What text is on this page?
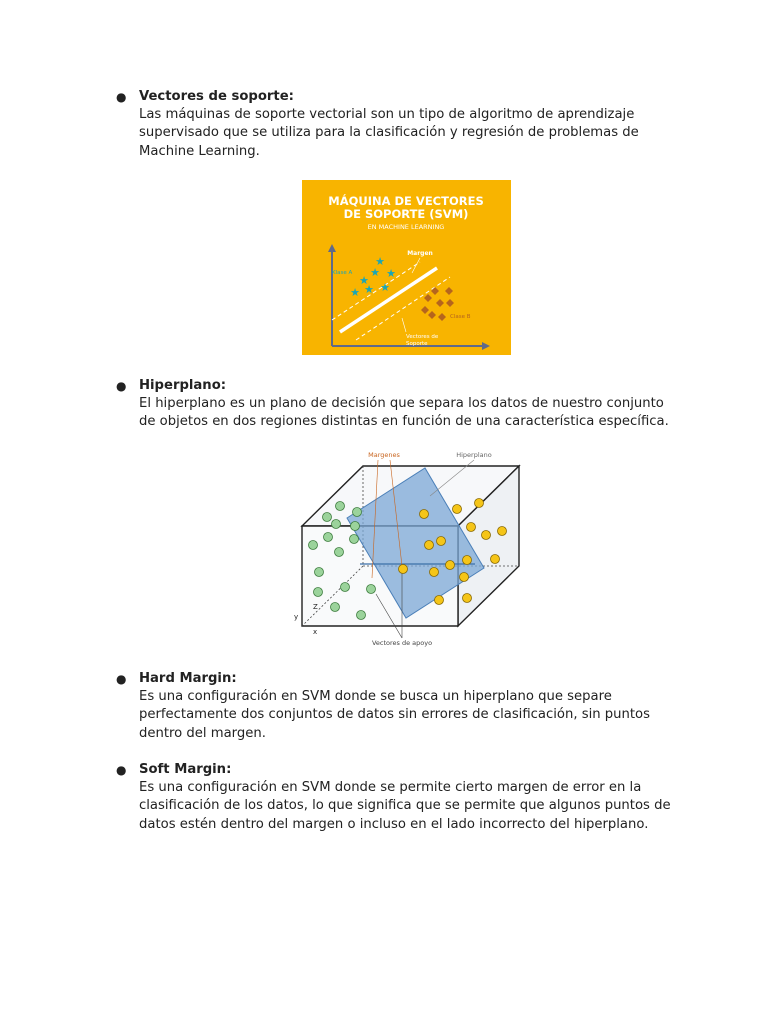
● Vectores de soporte:
Las máquinas de soporte vectorial son un tipo de algoritmo de aprendizaje supervisado que se utiliza para la clasificación y regresión de problemas de Machine Learning.
MÁQUINA DE VECTORES
DE SOPORTE (SVM)
EN MACHINE LEARNING
Margen
Klase A
Clase B
Vectores de
Soporte
★
★
★ ★
★ ★ ★
● Hiperplano:
El hiperplano es un plano de decisión que separa los datos de nuestro conjunto de objetos en dos regiones distintas en función de una característica específica.
Margenes	Hiperplano
Vectores de apoyo
y
Z
x
● Hard Margin:
Es una configuración en SVM donde se busca un hiperplano que separe perfectamente dos conjuntos de datos sin errores de clasificación, sin puntos dentro del margen.
● Soft Margin:
Es una configuración en SVM donde se permite cierto margen de error en la clasificación de los datos, lo que significa que se permite que algunos puntos de datos estén dentro del margen o incluso en el lado incorrecto del hiperplano.
